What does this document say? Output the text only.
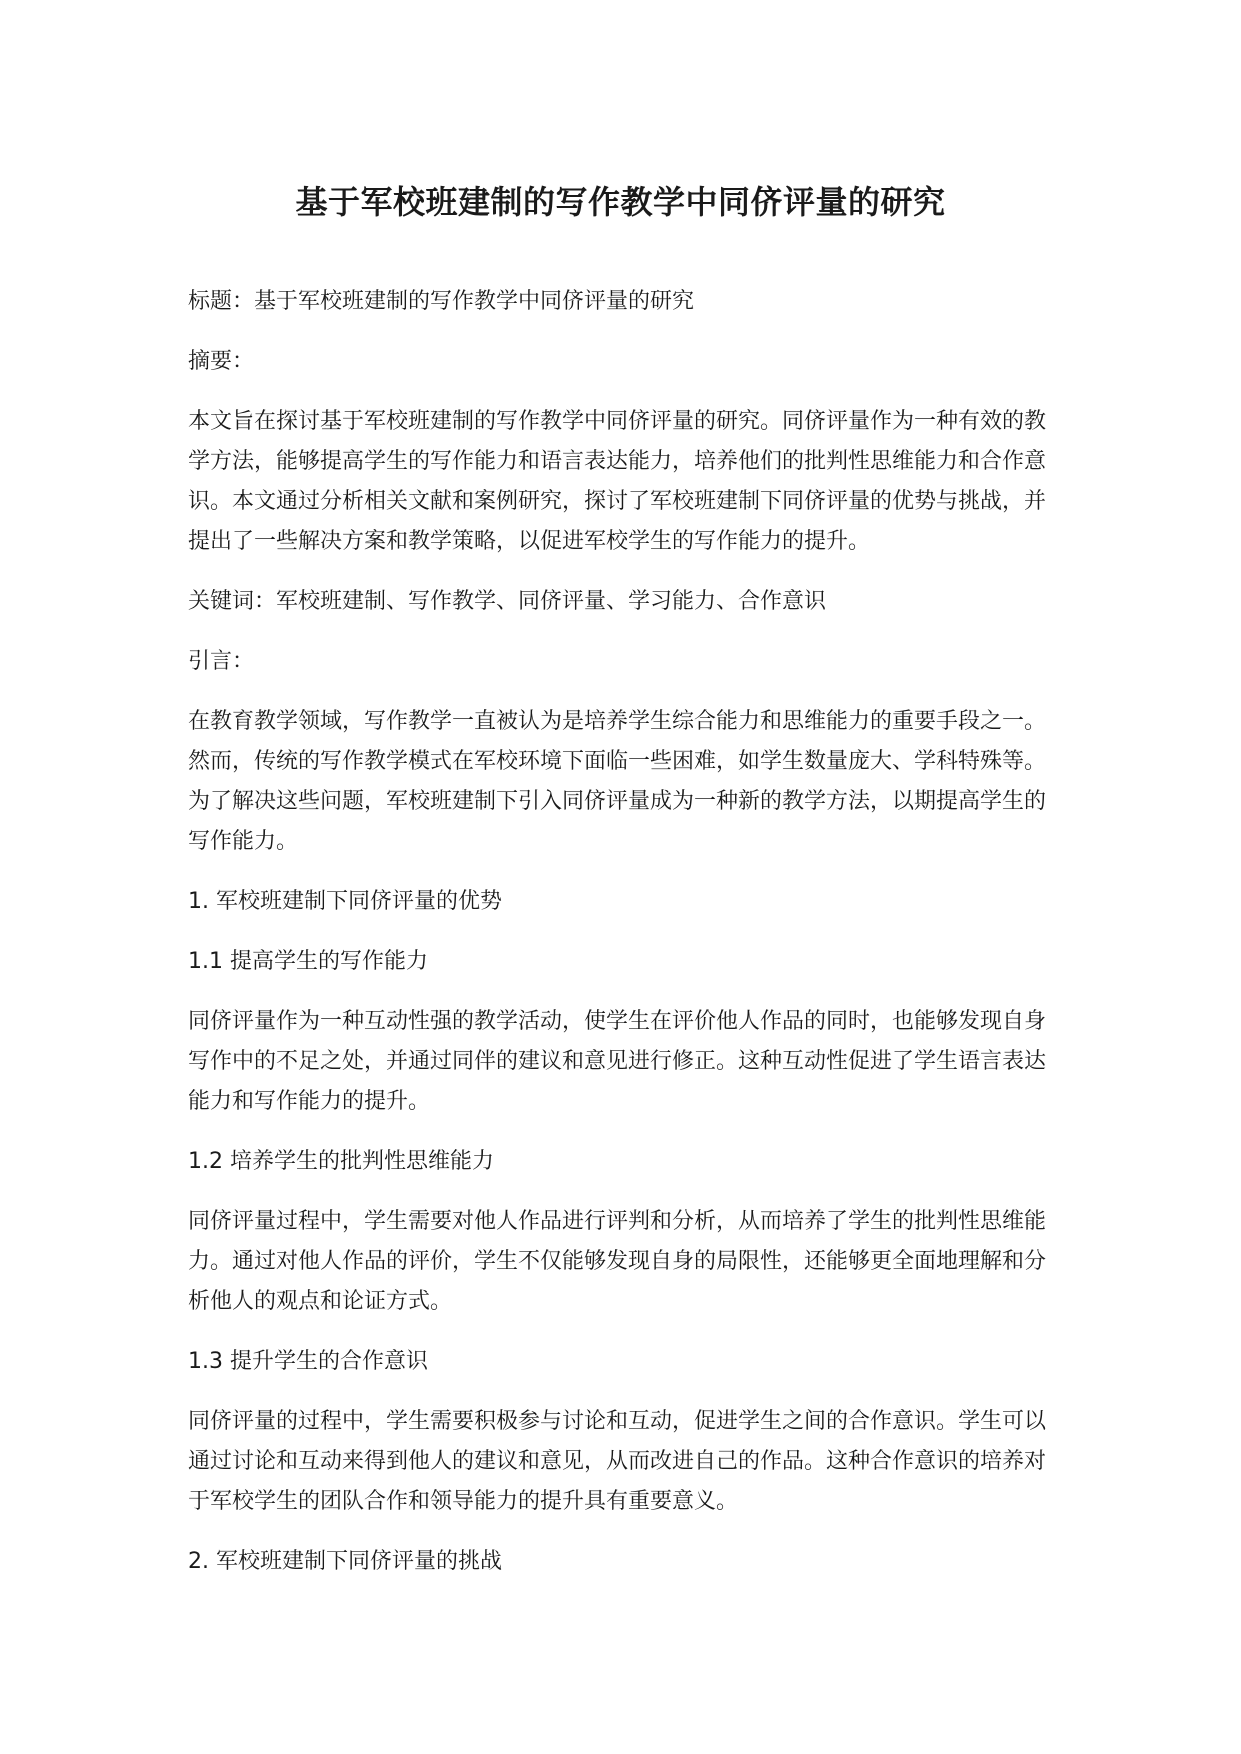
基于军校班建制的写作教学中同侪评量的研究

标题：基于军校班建制的写作教学中同侪评量的研究

摘要：

本文旨在探讨基于军校班建制的写作教学中同侪评量的研究。同侪评量作为一种有效的教学方法，能够提高学生的写作能力和语言表达能力，培养他们的批判性思维能力和合作意识。本文通过分析相关文献和案例研究，探讨了军校班建制下同侪评量的优势与挑战，并提出了一些解决方案和教学策略，以促进军校学生的写作能力的提升。

关键词：军校班建制、写作教学、同侪评量、学习能力、合作意识

引言：

在教育教学领域，写作教学一直被认为是培养学生综合能力和思维能力的重要手段之一。然而，传统的写作教学模式在军校环境下面临一些困难，如学生数量庞大、学科特殊等。为了解决这些问题，军校班建制下引入同侪评量成为一种新的教学方法，以期提高学生的写作能力。

1. 军校班建制下同侪评量的优势

1.1 提高学生的写作能力

同侪评量作为一种互动性强的教学活动，使学生在评价他人作品的同时，也能够发现自身写作中的不足之处，并通过同伴的建议和意见进行修正。这种互动性促进了学生语言表达能力和写作能力的提升。

1.2 培养学生的批判性思维能力

同侪评量过程中，学生需要对他人作品进行评判和分析，从而培养了学生的批判性思维能力。通过对他人作品的评价，学生不仅能够发现自身的局限性，还能够更全面地理解和分析他人的观点和论证方式。

1.3 提升学生的合作意识

同侪评量的过程中，学生需要积极参与讨论和互动，促进学生之间的合作意识。学生可以通过讨论和互动来得到他人的建议和意见，从而改进自己的作品。这种合作意识的培养对于军校学生的团队合作和领导能力的提升具有重要意义。

2. 军校班建制下同侪评量的挑战
